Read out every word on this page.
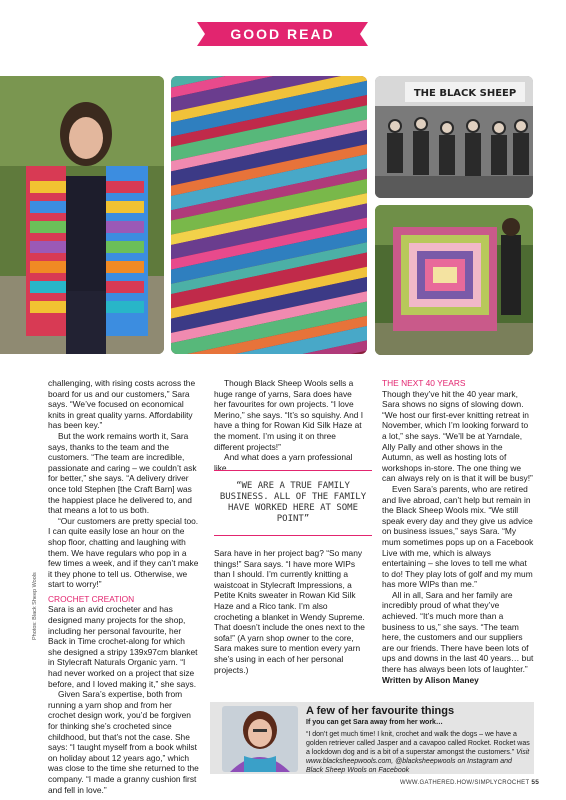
GOOD READ
THE BLACK SHEEP
Photos: Black Sheep Wools

challenging, with rising costs across the board for us and our customers,” Sara says. “We’ve focused on economical knits in great quality yarns. Affordability has been key.”

But the work remains worth it, Sara says, thanks to the team and the customers. “The team are incredible, passionate and caring – we couldn’t ask for better,” she says. “A delivery driver once told Stephen [the Craft Barn] was the happiest place he delivered to, and that means a lot to us both.

“Our customers are pretty special too. I can quite easily lose an hour on the shop floor, chatting and laughing with them. We have regulars who pop in a few times a week, and if they can’t make it they phone to tell us. Otherwise, we start to worry!”

CROCHET CREATION

Sara is an avid crocheter and has designed many projects for the shop, including her personal favourite, her Back in Time crochet-along for which she designed a stripy 139x97cm blanket in Stylecraft Naturals Organic yarn. “I had never worked on a project that size before, and I loved making it,” she says.

Given Sara’s expertise, both from running a yarn shop and from her crochet design work, you’d be forgiven for thinking she’s crocheted since childhood, but that’s not the case. She says: “I taught myself from a book whilst on holiday about 12 years ago,” which was close to the time she returned to the company. “I made a granny cushion first and fell in love.”

Though Black Sheep Wools sells a huge range of yarns, Sara does have her favourites for own projects. “I love Merino,” she says. “It’s so squishy. And I have a thing for Rowan Kid Silk Haze at the moment. I’m using it on three different projects!”

And what does a yarn professional like

“WE ARE A TRUE FAMILY BUSINESS. ALL OF THE FAMILY HAVE WORKED HERE AT SOME POINT”

Sara have in her project bag? “So many things!” Sara says. “I have more WIPs than I should. I’m currently knitting a waistcoat in Stylecraft Impressions, a Petite Knits sweater in Rowan Kid Silk Haze and a Rico tank. I’m also crocheting a blanket in Wendy Supreme. That doesn’t include the ones next to the sofa!” (A yarn shop owner to the core, Sara makes sure to mention every yarn she’s using in each of her personal projects.)

THE NEXT 40 YEARS

Though they’ve hit the 40 year mark, Sara shows no signs of slowing down. “We host our first-ever knitting retreat in November, which I’m looking forward to a lot,” she says. “We’ll be at Yarndale, Ally Pally and other shows in the Autumn, as well as hosting lots of workshops in-store. The one thing we can always rely on is that it will be busy!”

Even Sara’s parents, who are retired and live abroad, can’t help but remain in the Black Sheep Wools mix. “We still speak every day and they give us advice on business issues,” says Sara. “My mum sometimes pops up on a Facebook Live with me, which is always entertaining – she loves to tell me what to do! They play lots of golf and my mum has more WIPs than me.”

All in all, Sara and her family are incredibly proud of what they’ve achieved. “It’s much more than a business to us,” she says. “The team here, the customers and our suppliers are our friends. There have been lots of ups and downs in the last 40 years… but there has always been lots of laughter.”

Written by Alison Maney

A few of her favourite things
If you can get Sara away from her work…
“I don’t get much time! I knit, crochet and walk the dogs – we have a golden retriever called Jasper and a cavapoo called Rocket. Rocket was a lockdown dog and is a bit of a superstar amongst the customers.” Visit www.blacksheepwools.com, @blacksheepwools on Instagram and Black Sheep Wools on Facebook
WWW.GATHERED.HOW/SIMPLYCROCHET 55
